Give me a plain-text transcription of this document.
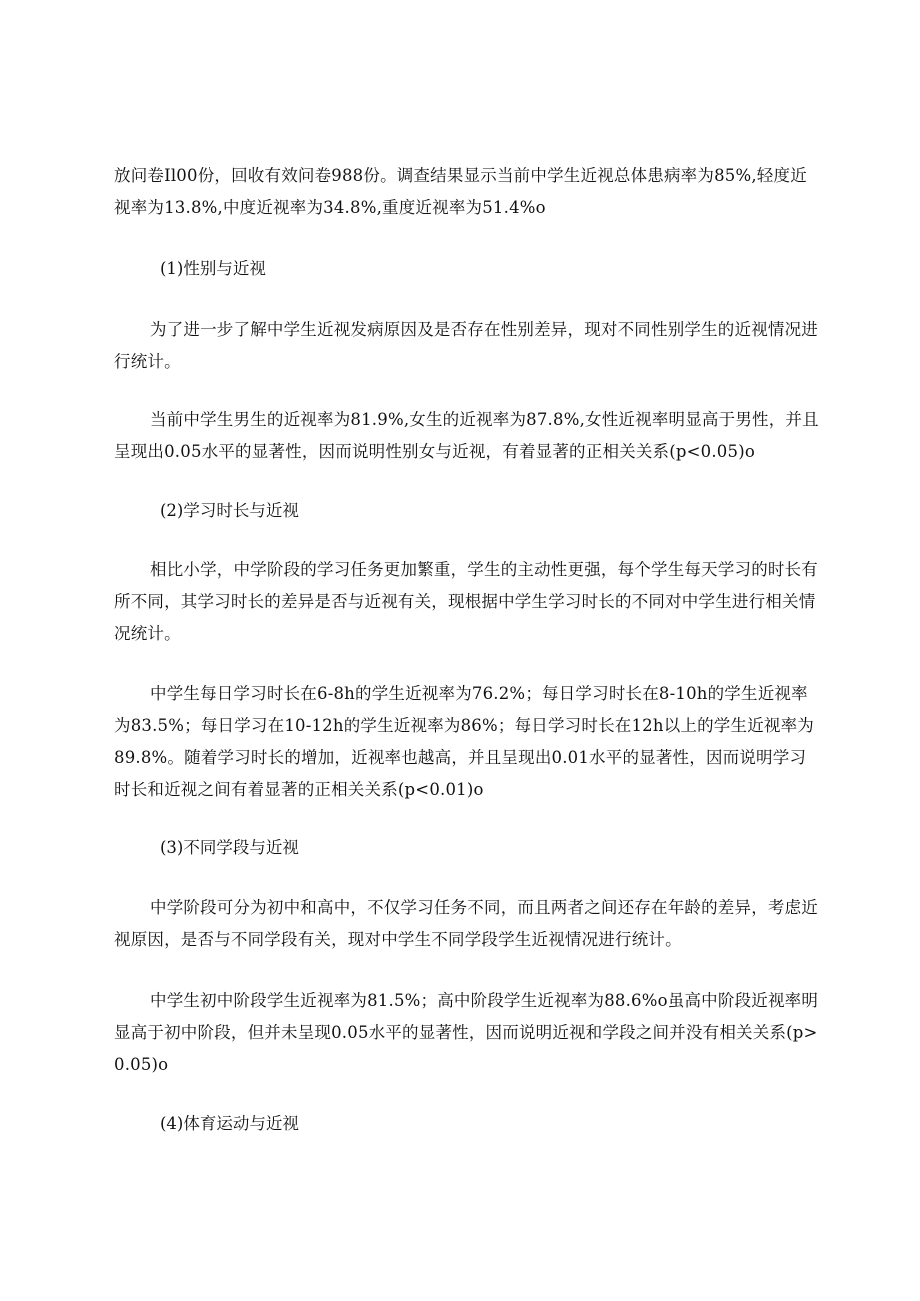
放问卷Il00份，回收有效问卷988份。调查结果显示当前中学生近视总体患病率为85%,轻度近视率为13.8%,中度近视率为34.8%,重度近视率为51.4%o

(1)性别与近视

为了进一步了解中学生近视发病原因及是否存在性别差异，现对不同性别学生的近视情况进行统计。

当前中学生男生的近视率为81.9%,女生的近视率为87.8%,女性近视率明显高于男性，并且呈现出0.05水平的显著性，因而说明性别女与近视，有着显著的正相关关系(p<0.05)o

(2)学习时长与近视

相比小学，中学阶段的学习任务更加繁重，学生的主动性更强，每个学生每天学习的时长有所不同，其学习时长的差异是否与近视有关，现根据中学生学习时长的不同对中学生进行相关情况统计。

中学生每日学习时长在6-8h的学生近视率为76.2%；每日学习时长在8-10h的学生近视率为83.5%；每日学习在10-12h的学生近视率为86%；每日学习时长在12h以上的学生近视率为89.8%。随着学习时长的增加，近视率也越高，并且呈现出0.01水平的显著性，因而说明学习时长和近视之间有着显著的正相关关系(p<0.01)o

(3)不同学段与近视

中学阶段可分为初中和高中，不仅学习任务不同，而且两者之间还存在年龄的差异，考虑近视原因，是否与不同学段有关，现对中学生不同学段学生近视情况进行统计。

中学生初中阶段学生近视率为81.5%；高中阶段学生近视率为88.6%o虽高中阶段近视率明显高于初中阶段，但并未呈现0.05水平的显著性，因而说明近视和学段之间并没有相关关系(p>0.05)o

(4)体育运动与近视
